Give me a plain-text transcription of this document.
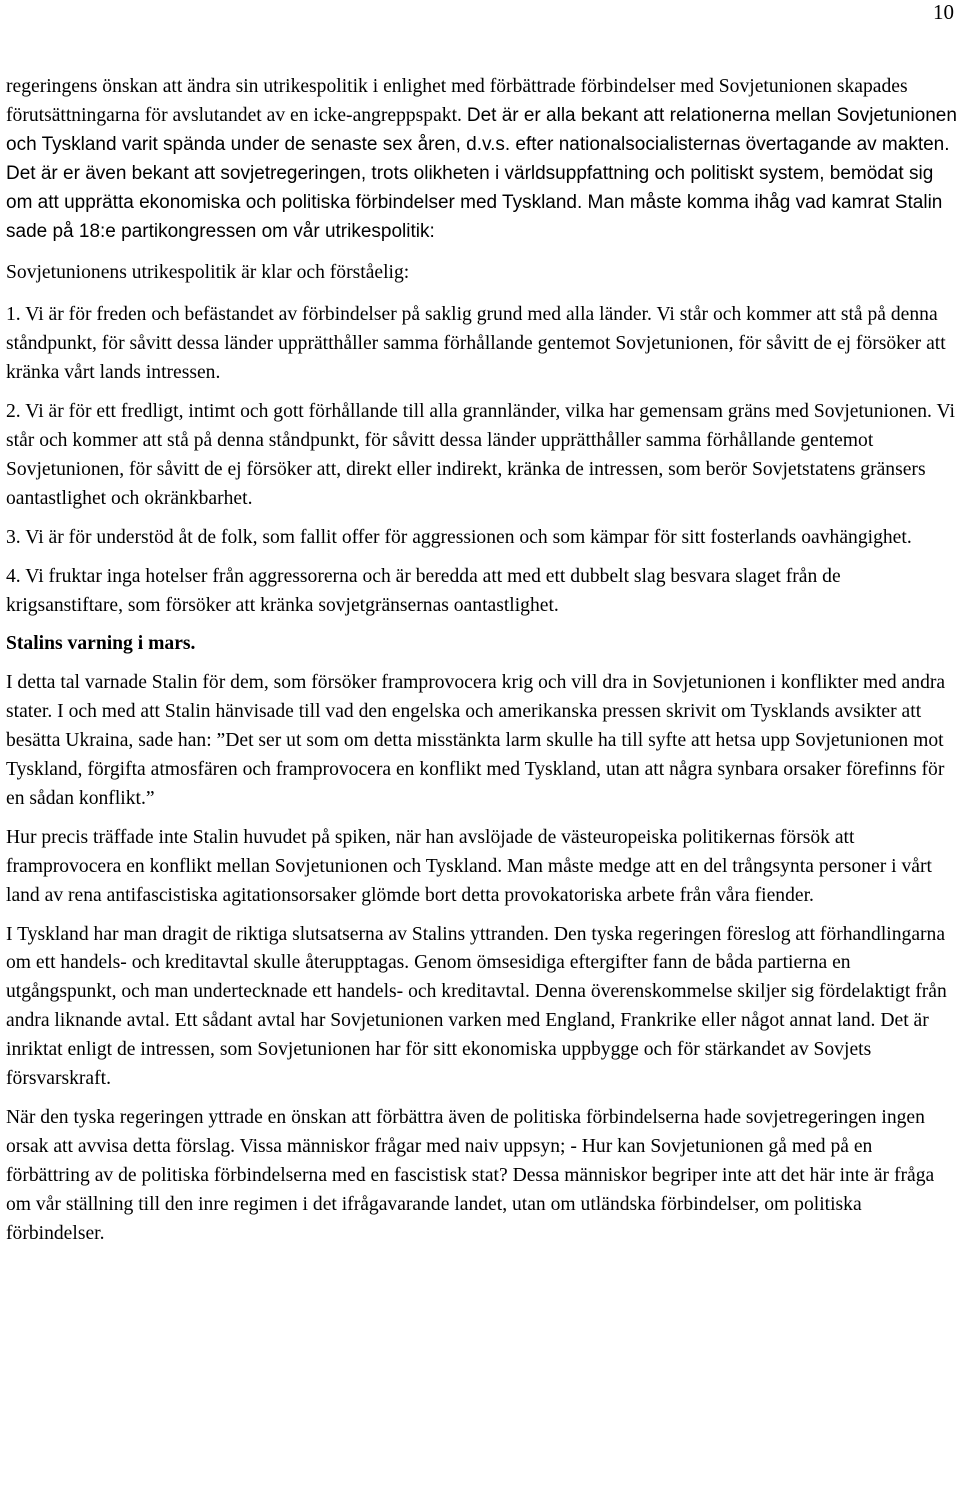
10

regeringens önskan att ändra sin utrikespolitik i enlighet med förbättrade förbindelser med Sovjetunionen skapades förutsättningarna för avslutandet av en icke-angreppspakt. Det är er alla bekant att relationerna mellan Sovjetunionen och Tyskland varit spända under de senaste sex åren, d.v.s. efter nationalsocialisternas övertagande av makten. Det är er även bekant att sovjetregeringen, trots olikheten i världsuppfattning och politiskt system, bemödat sig om att upprätta ekonomiska och politiska förbindelser med Tyskland. Man måste komma ihåg vad kamrat Stalin sade på 18:e partikongressen om vår utrikespolitik:

Sovjetunionens utrikespolitik är klar och förståelig:

1. Vi är för freden och befästandet av förbindelser på saklig grund med alla länder. Vi står och kommer att stå på denna ståndpunkt, för såvitt dessa länder upprätthåller samma förhållande gentemot Sovjetunionen, för såvitt de ej försöker att kränka vårt lands intressen.

2. Vi är för ett fredligt, intimt och gott förhållande till alla grannländer, vilka har gemensam gräns med Sovjetunionen. Vi står och kommer att stå på denna ståndpunkt, för såvitt dessa länder upprätthåller samma förhållande gentemot Sovjetunionen, för såvitt de ej försöker att, direkt eller indirekt, kränka de intressen, som berör Sovjetstatens gränsers oantastlighet och okränkbarhet.

3. Vi är för understöd åt de folk, som fallit offer för aggressionen och som kämpar för sitt fosterlands oavhängighet.

4. Vi fruktar inga hotelser från aggressorerna och är beredda att med ett dubbelt slag besvara slaget från de krigsanstiftare, som försöker att kränka sovjetgränsernas oantastlighet.

Stalins varning i mars.

I detta tal varnade Stalin för dem, som försöker framprovocera krig och vill dra in Sovjetunionen i konflikter med andra stater. I och med att Stalin hänvisade till vad den engelska och amerikanska pressen skrivit om Tysklands avsikter att besätta Ukraina, sade han: ”Det ser ut som om detta misstänkta larm skulle ha till syfte att hetsa upp Sovjetunionen mot Tyskland, förgifta atmosfären och framprovocera en konflikt med Tyskland, utan att några synbara orsaker förefinns för en sådan konflikt.”

Hur precis träffade inte Stalin huvudet på spiken, när han avslöjade de västeuropeiska politikernas försök att framprovocera en konflikt mellan Sovjetunionen och Tyskland. Man måste medge att en del trångsynta personer i vårt land av rena antifascistiska agitationsorsaker glömde bort detta provokatoriska arbete från våra fiender.

I Tyskland har man dragit de riktiga slutsatserna av Stalins yttranden. Den tyska regeringen föreslog att förhandlingarna om ett handels- och kreditavtal skulle återupptagas. Genom ömsesidiga eftergifter fann de båda partierna en utgångspunkt, och man undertecknade ett handels- och kreditavtal. Denna överenskommelse skiljer sig fördelaktigt från andra liknande avtal. Ett sådant avtal har Sovjetunionen varken med England, Frankrike eller något annat land. Det är inriktat enligt de intressen, som Sovjetunionen har för sitt ekonomiska uppbygge och för stärkandet av Sovjets försvarskraft.

När den tyska regeringen yttrade en önskan att förbättra även de politiska förbindelserna hade sovjetregeringen ingen orsak att avvisa detta förslag. Vissa människor frågar med naiv uppsyn; - Hur kan Sovjetunionen gå med på en förbättring av de politiska förbindelserna med en fascistisk stat? Dessa människor begriper inte att det här inte är fråga om vår ställning till den inre regimen i det ifrågavarande landet, utan om utländska förbindelser, om politiska förbindelser.
